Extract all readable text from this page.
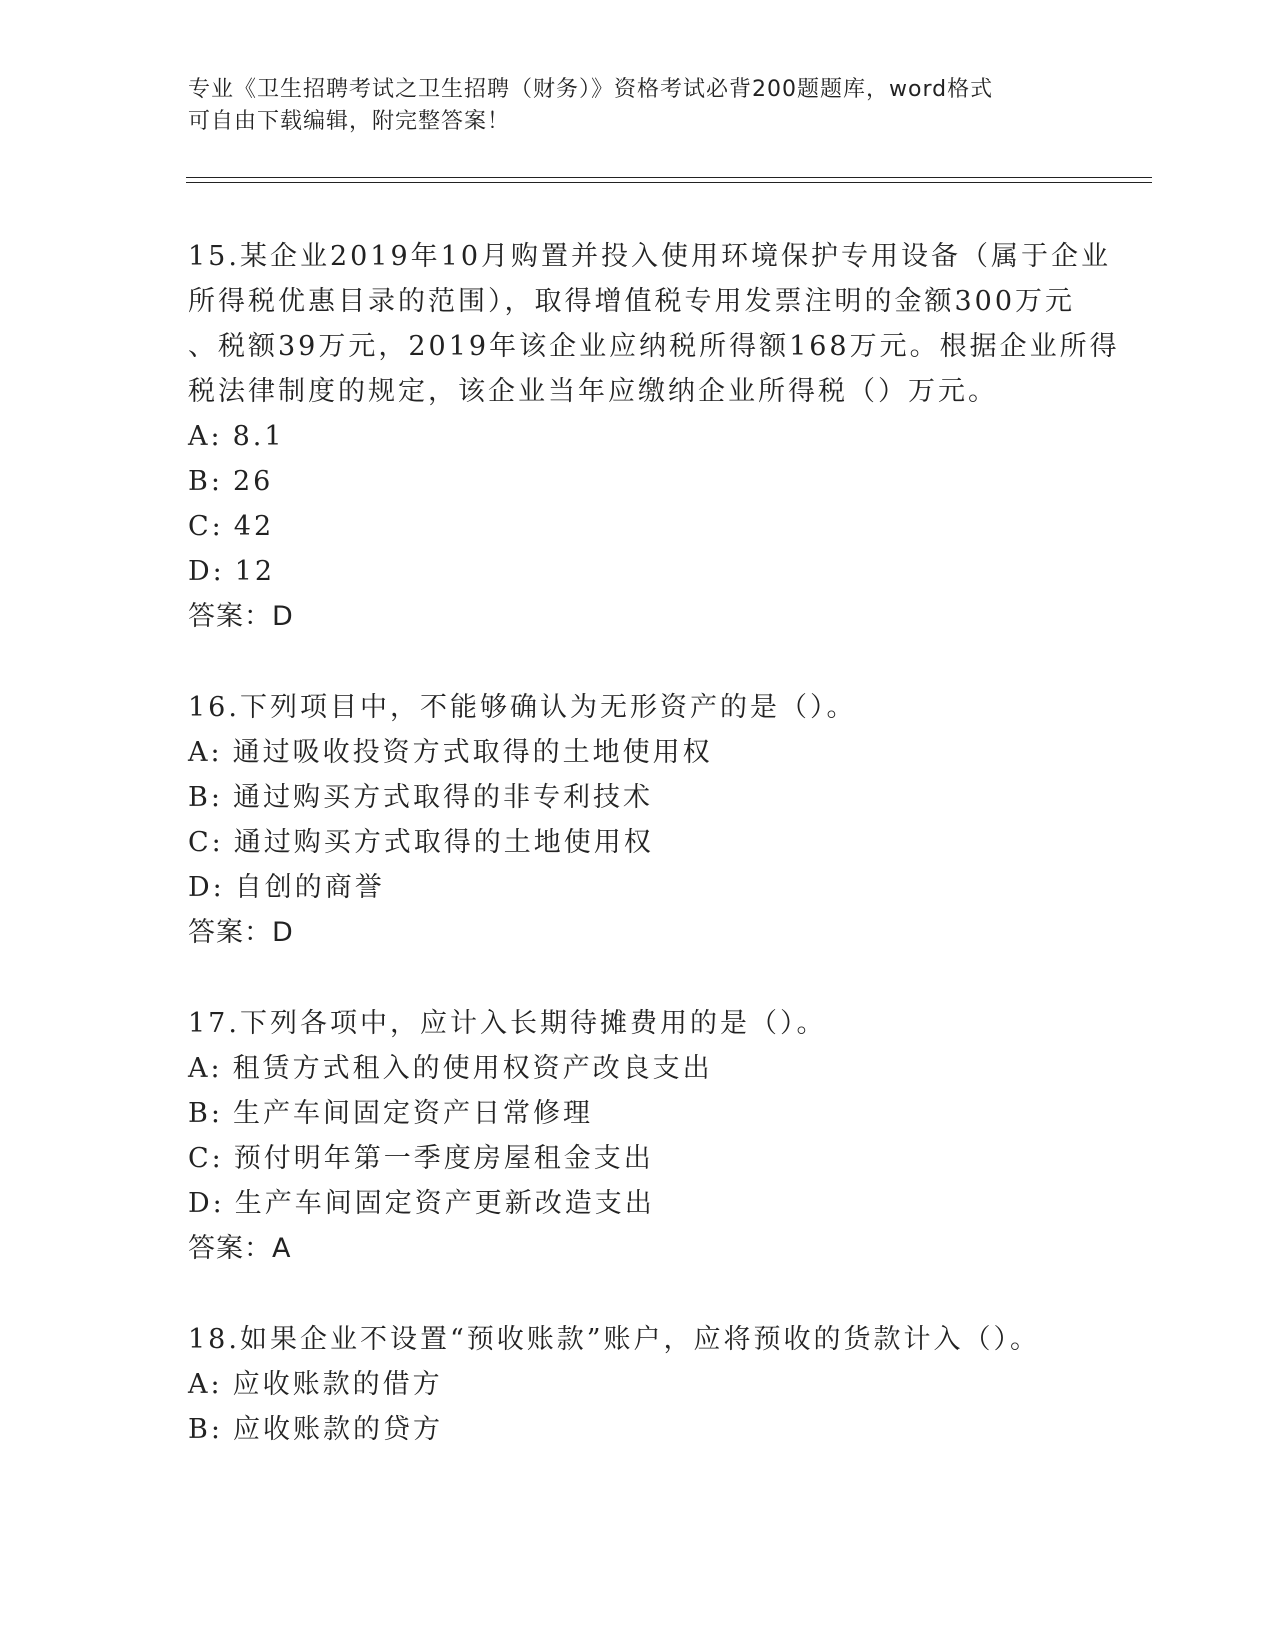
专业《卫生招聘考试之卫生招聘（财务）》资格考试必背200题题库，word格式
可自由下载编辑，附完整答案！
15.某企业2019年10月购置并投入使用环境保护专用设备（属于企业
所得税优惠目录的范围），取得增值税专用发票注明的金额300万元
、税额39万元，2019年该企业应纳税所得额168万元。根据企业所得
税法律制度的规定，该企业当年应缴纳企业所得税（）万元。
A: 8.1
B: 26
C: 42
D: 12
答案：D
16.下列项目中，不能够确认为无形资产的是（）。
A: 通过吸收投资方式取得的土地使用权
B: 通过购买方式取得的非专利技术
C: 通过购买方式取得的土地使用权
D: 自创的商誉
答案：D
17.下列各项中，应计入长期待摊费用的是（）。
A: 租赁方式租入的使用权资产改良支出
B: 生产车间固定资产日常修理
C: 预付明年第一季度房屋租金支出
D: 生产车间固定资产更新改造支出
答案：A
18.如果企业不设置“预收账款”账户，应将预收的货款计入（）。
A: 应收账款的借方
B: 应收账款的贷方
